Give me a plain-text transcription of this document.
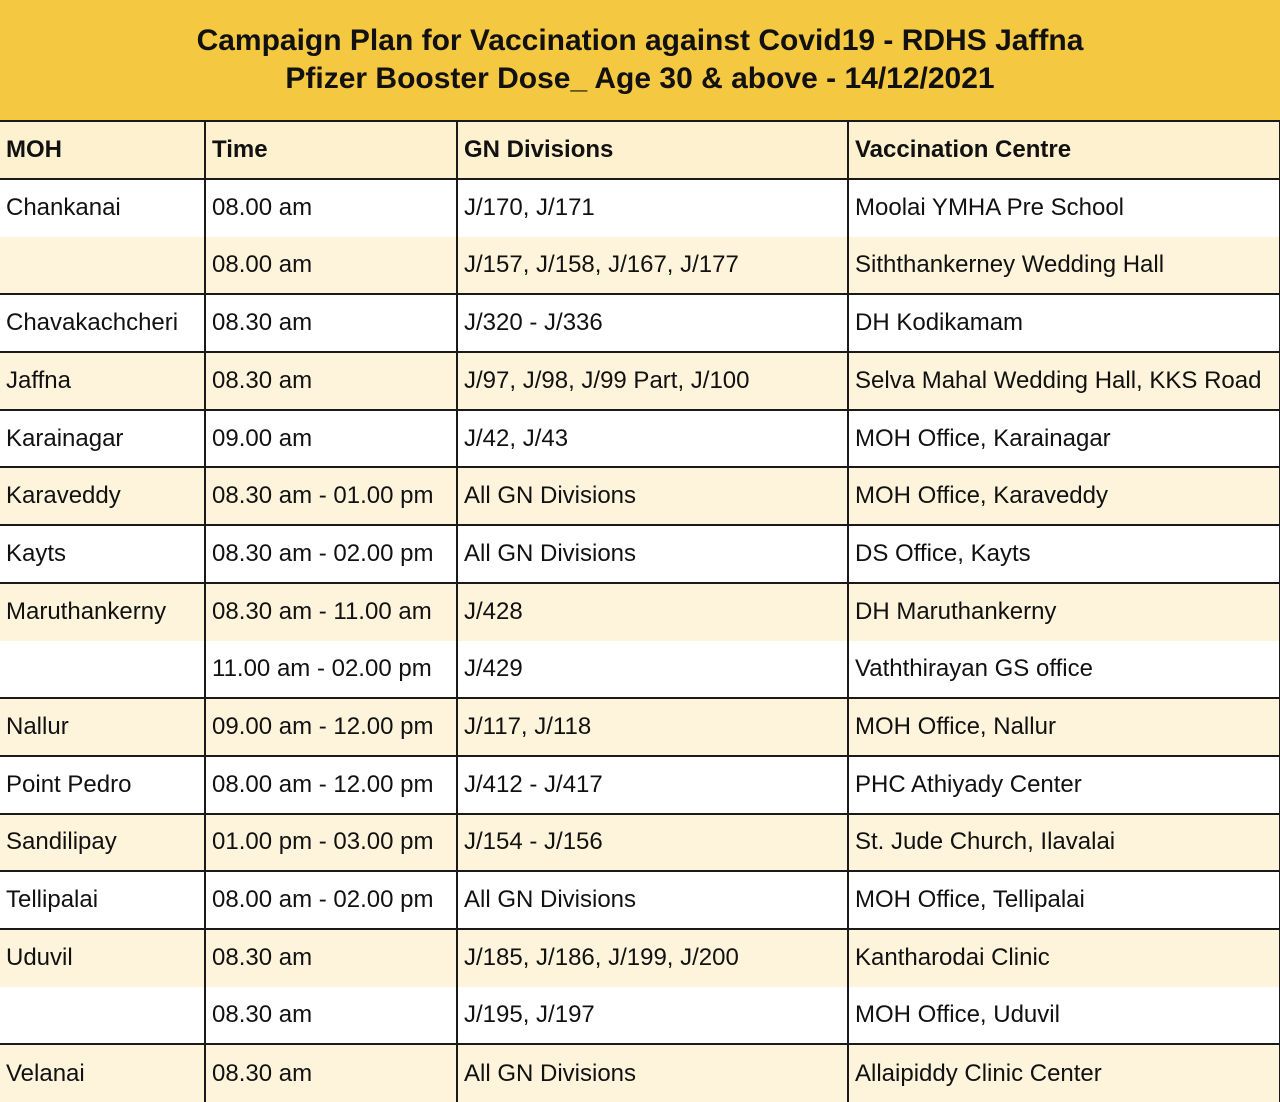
Campaign Plan for Vaccination against Covid19 - RDHS Jaffna
Pfizer Booster Dose_ Age 30 & above - 14/12/2021
MOH	Time	GN Divisions	Vaccination Centre
Chankanai	08.00 am	J/170, J/171	Moolai YMHA Pre School
	08.00 am	J/157, J/158, J/167, J/177	Siththankerney Wedding Hall
Chavakachcheri	08.30 am	J/320 - J/336	DH Kodikamam
Jaffna	08.30 am	J/97, J/98, J/99 Part, J/100	Selva Mahal Wedding Hall, KKS Road
Karainagar	09.00 am	J/42, J/43	MOH Office, Karainagar
Karaveddy	08.30 am - 01.00 pm	All GN Divisions	MOH Office, Karaveddy
Kayts	08.30 am - 02.00 pm	All GN Divisions	DS Office, Kayts
Maruthankerny	08.30 am - 11.00 am	J/428	DH Maruthankerny
	11.00 am - 02.00 pm	J/429	Vaththirayan GS office
Nallur	09.00 am - 12.00 pm	J/117, J/118	MOH Office, Nallur
Point Pedro	08.00 am - 12.00 pm	J/412 - J/417	PHC Athiyady Center
Sandilipay	01.00 pm - 03.00 pm	J/154 - J/156	St. Jude Church, Ilavalai
Tellipalai	08.00 am - 02.00 pm	All GN Divisions	MOH Office, Tellipalai
Uduvil	08.30 am	J/185, J/186, J/199, J/200	Kantharodai Clinic
	08.30 am	J/195, J/197	MOH Office, Uduvil
Velanai	08.30 am	All GN Divisions	Allaipiddy Clinic Center
